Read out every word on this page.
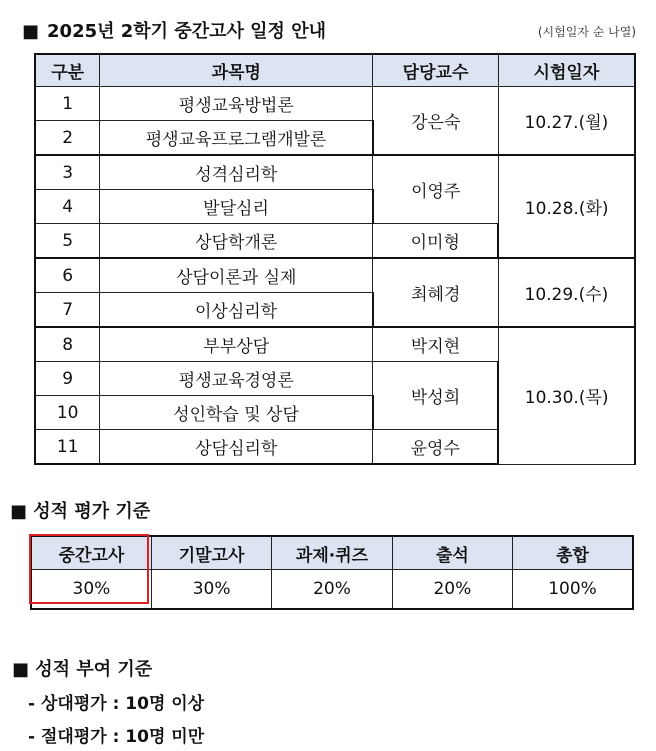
■ 2025년 2학기 중간고사 일정 안내	(시험일자 순 나열)
구분	과목명	담당교수	시험일자
1	평생교육방법론	강은숙	10.27.(월)
2	평생교육프로그램개발론		
3	성격심리학	이영주	10.28.(화)
4	발달심리		
5	상담학개론	이미형	
6	상담이론과 실제	최혜경	10.29.(수)
7	이상심리학		
8	부부상담	박지현	10.30.(목)
9	평생교육경영론	박성희	
10	성인학습 및 상담		
11	상담심리학	윤영수	
■ 성적 평가 기준
중간고사	기말고사	과제·퀴즈	출석	총합
30%	30%	20%	20%	100%
■ 성적 부여 기준
- 상대평가 : 10명 이상
- 절대평가 : 10명 미만
